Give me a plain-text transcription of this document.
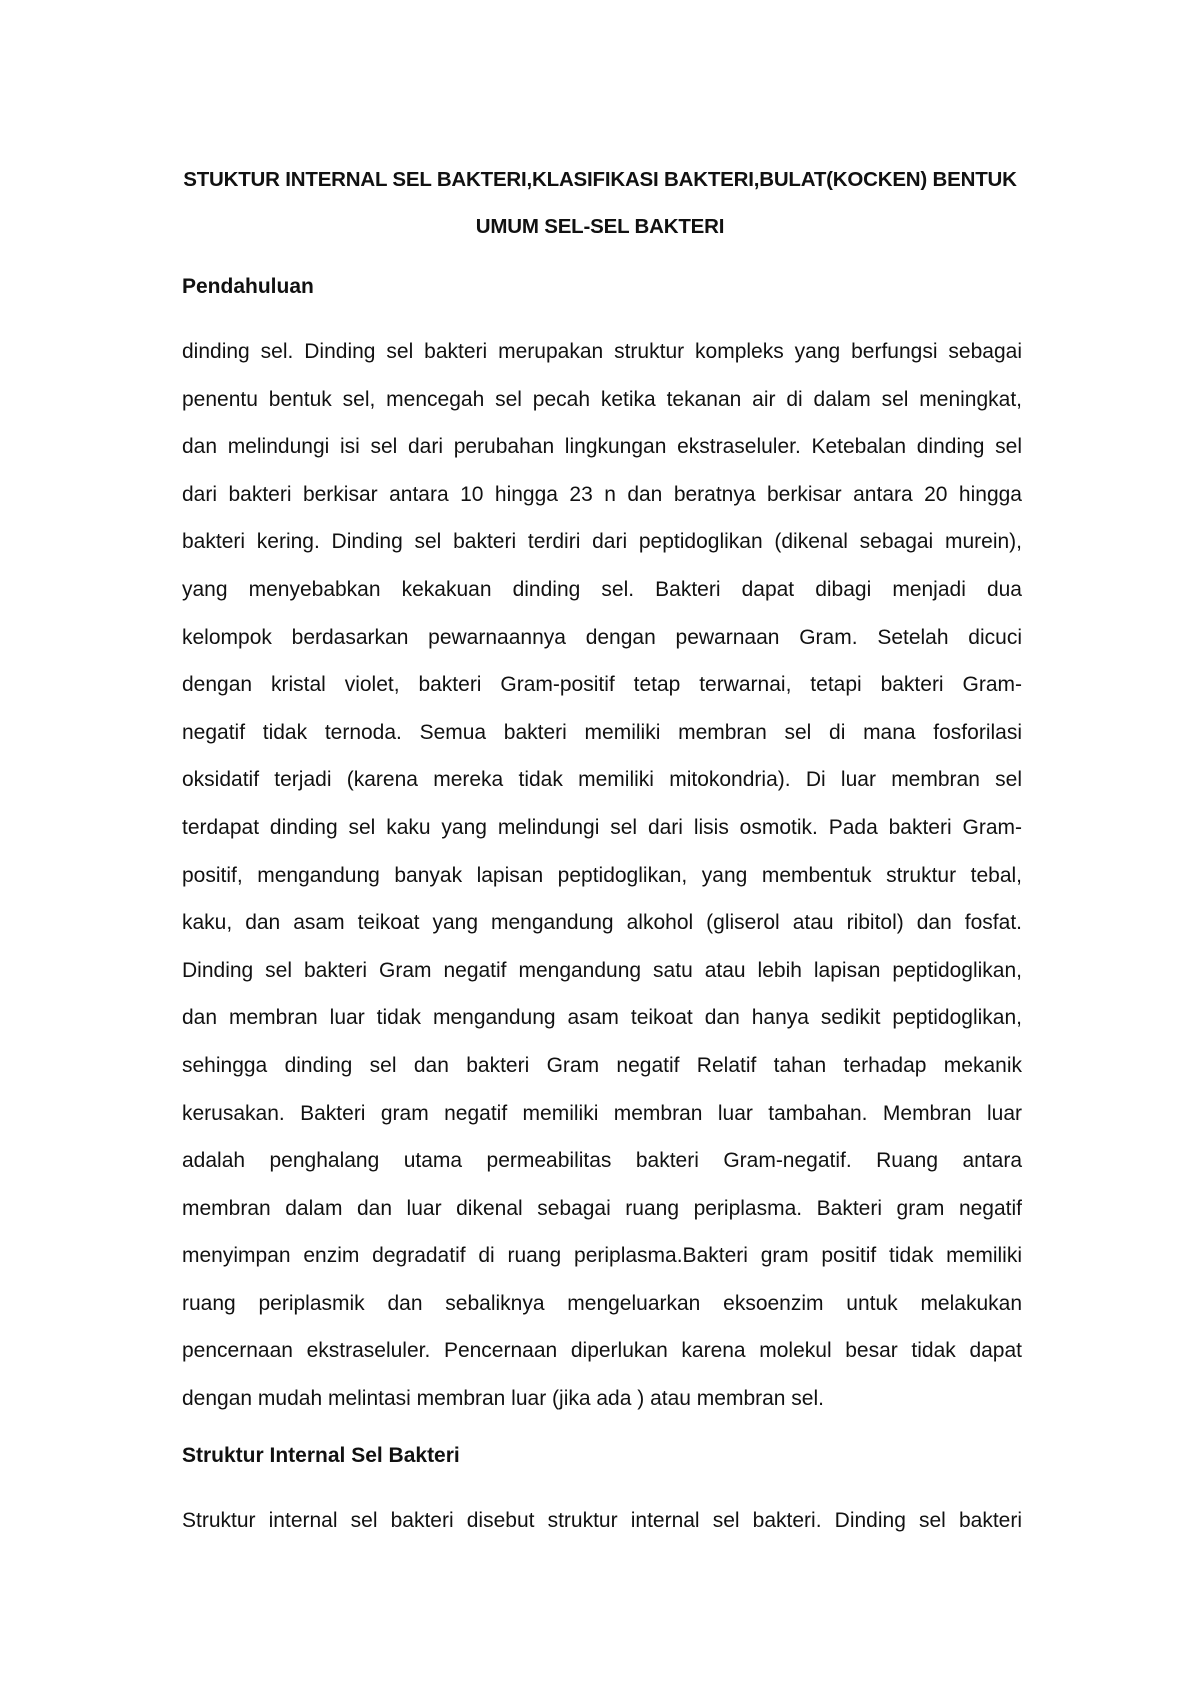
STUKTUR INTERNAL SEL BAKTERI,KLASIFIKASI BAKTERI,BULAT(KOCKEN) BENTUK
UMUM SEL-SEL BAKTERI
Pendahuluan
dinding sel. Dinding sel bakteri merupakan struktur kompleks yang berfungsi sebagai
penentu bentuk sel, mencegah sel pecah ketika tekanan air di dalam sel meningkat,
dan melindungi isi sel dari perubahan lingkungan ekstraseluler. Ketebalan dinding sel
dari bakteri berkisar antara 10 hingga 23 n dan beratnya berkisar antara 20 hingga
bakteri kering. Dinding sel bakteri terdiri dari peptidoglikan (dikenal sebagai murein),
yang menyebabkan kekakuan dinding sel. Bakteri dapat dibagi menjadi dua
kelompok berdasarkan pewarnaannya dengan pewarnaan Gram. Setelah dicuci
dengan kristal violet, bakteri Gram-positif tetap terwarnai, tetapi bakteri Gram-
negatif tidak ternoda. Semua bakteri memiliki membran sel di mana fosforilasi
oksidatif terjadi (karena mereka tidak memiliki mitokondria). Di luar membran sel
terdapat dinding sel kaku yang melindungi sel dari lisis osmotik. Pada bakteri Gram-
positif, mengandung banyak lapisan peptidoglikan, yang membentuk struktur tebal,
kaku, dan asam teikoat yang mengandung alkohol (gliserol atau ribitol) dan fosfat.
Dinding sel bakteri Gram negatif mengandung satu atau lebih lapisan peptidoglikan,
dan membran luar tidak mengandung asam teikoat dan hanya sedikit peptidoglikan,
sehingga dinding sel dan bakteri Gram negatif Relatif tahan terhadap mekanik
kerusakan. Bakteri gram negatif memiliki membran luar tambahan. Membran luar
adalah penghalang utama permeabilitas bakteri Gram-negatif. Ruang antara
membran dalam dan luar dikenal sebagai ruang periplasma. Bakteri gram negatif
menyimpan enzim degradatif di ruang periplasma.Bakteri gram positif tidak memiliki
ruang periplasmik dan sebaliknya mengeluarkan eksoenzim untuk melakukan
pencernaan ekstraseluler. Pencernaan diperlukan karena molekul besar tidak dapat
dengan mudah melintasi membran luar (jika ada ) atau membran sel.
Struktur Internal Sel Bakteri
Struktur internal sel bakteri disebut struktur internal sel bakteri. Dinding sel bakteri
